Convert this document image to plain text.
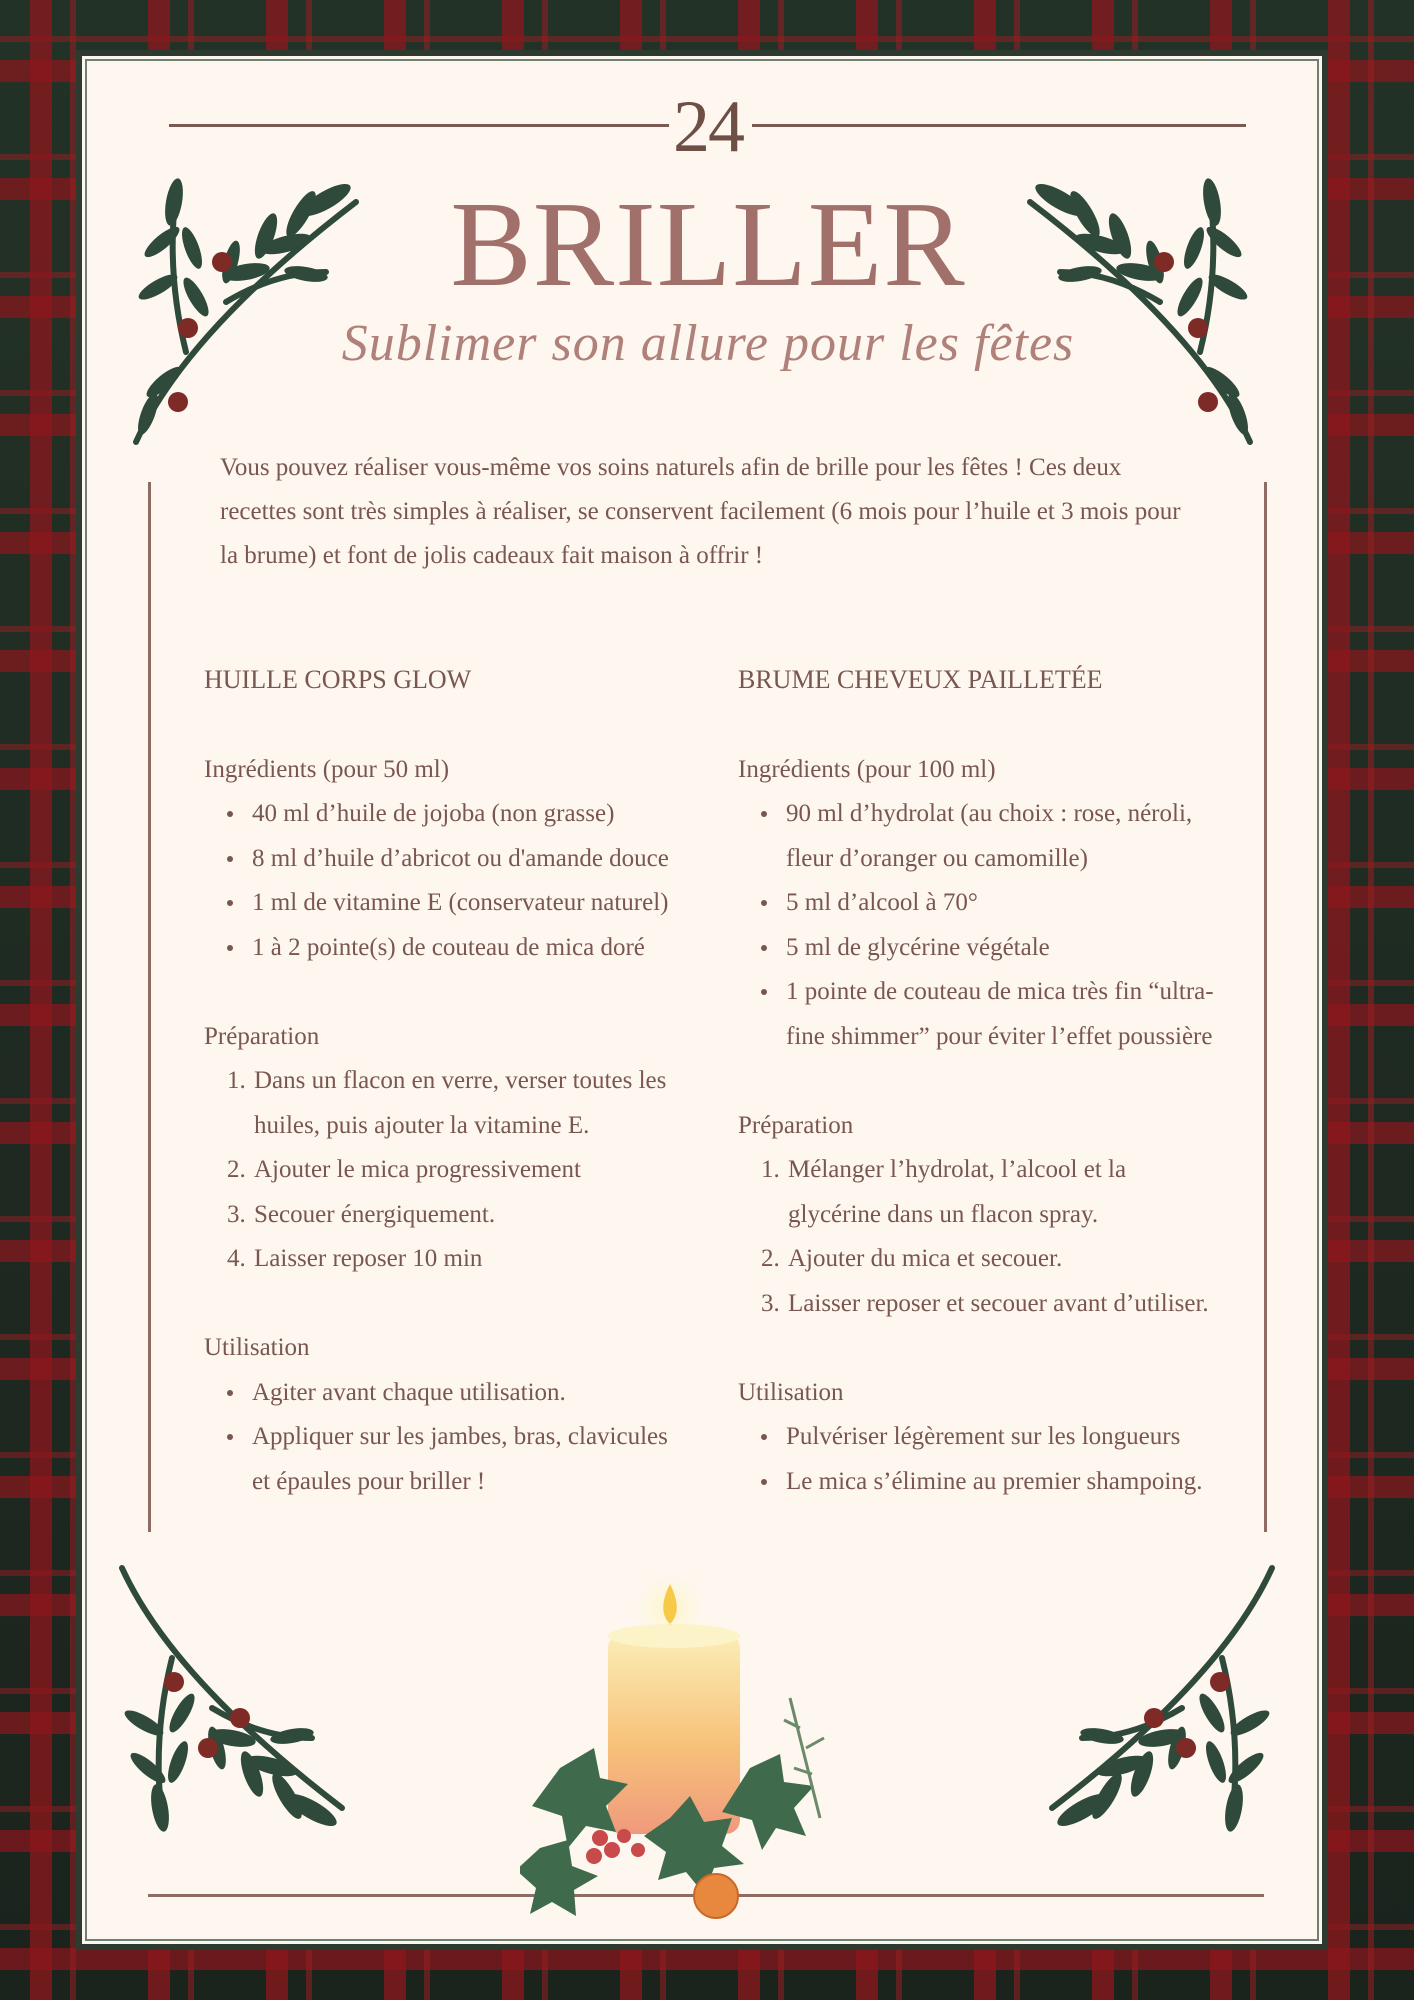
24
BRILLER
Sublimer son allure pour les fêtes
Vous pouvez réaliser vous-même vos soins naturels afin de brille pour les fêtes ! Ces deux recettes sont très simples à réaliser, se conservent facilement (6 mois pour l’huile et 3 mois pour la brume) et font de jolis cadeaux fait maison à offrir !
HUILLE CORPS GLOW
Ingrédients (pour 50 ml)
40 ml d’huile de jojoba (non grasse)
8 ml d’huile d’abricot ou d'amande douce
1 ml de vitamine E (conservateur naturel)
1 à 2 pointe(s) de couteau de mica doré
Préparation
1. Dans un flacon en verre, verser toutes les huiles, puis ajouter la vitamine E.
2. Ajouter le mica progressivement
3. Secouer énergiquement.
4. Laisser reposer 10 min
Utilisation
Agiter avant chaque utilisation.
Appliquer sur les jambes, bras, clavicules et épaules pour briller !
BRUME CHEVEUX PAILLETÉE
Ingrédients (pour 100 ml)
90 ml d’hydrolat (au choix : rose, néroli, fleur d’oranger ou camomille)
5 ml d’alcool à 70°
5 ml de glycérine végétale
1 pointe de couteau de mica très fin “ultra-fine shimmer” pour éviter l’effet poussière
Préparation
1. Mélanger l’hydrolat, l’alcool et la glycérine dans un flacon spray.
2. Ajouter du mica et secouer.
3. Laisser reposer et secouer avant d’utiliser.
Utilisation
Pulvériser légèrement sur les longueurs
Le mica s’élimine au premier shampoing.
